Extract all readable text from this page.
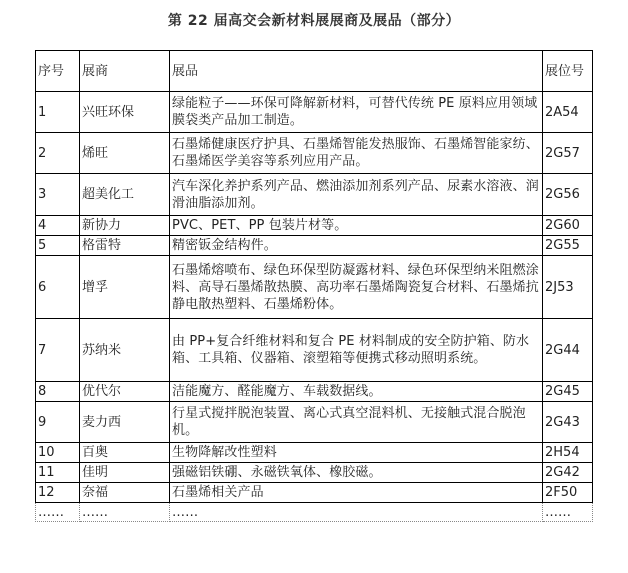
第 22 届高交会新材料展展商及展品（部分）
序号	展商	展品	展位号
1	兴旺环保	绿能粒子——环保可降解新材料，可替代传统 PE 原料应用领域膜袋类产品加工制造。	2A54
2	烯旺	石墨烯健康医疗护具、石墨烯智能发热服饰、石墨烯智能家纺、石墨烯医学美容等系列应用产品。	2G57
3	超美化工	汽车深化养护系列产品、燃油添加剂系列产品、尿素水溶液、润滑油脂添加剂。	2G56
4	新协力	PVC、PET、PP 包装片材等。	2G60
5	格雷特	精密钣金结构件。	2G55
6	增孚	石墨烯熔喷布、绿色环保型防凝露材料、绿色环保型纳米阻燃涂料、高导石墨烯散热膜、高功率石墨烯陶瓷复合材料、石墨烯抗静电散热塑料、石墨烯粉体。	2J53
7	苏纳米	由 PP+复合纤维材料和复合 PE 材料制成的安全防护箱、防水箱、工具箱、仪器箱、滚塑箱等便携式移动照明系统。	2G44
8	优代尔	洁能魔方、醛能魔方、车载数据线。	2G45
9	麦力西	行星式搅拌脱泡装置、离心式真空混料机、无接触式混合脱泡机。	2G43
10	百奥	生物降解改性塑料	2H54
11	佳明	强磁铝铁硼、永磁铁氧体、橡胶磁。	2G42
12	奈福	石墨烯相关产品	2F50
……	……	……	……
